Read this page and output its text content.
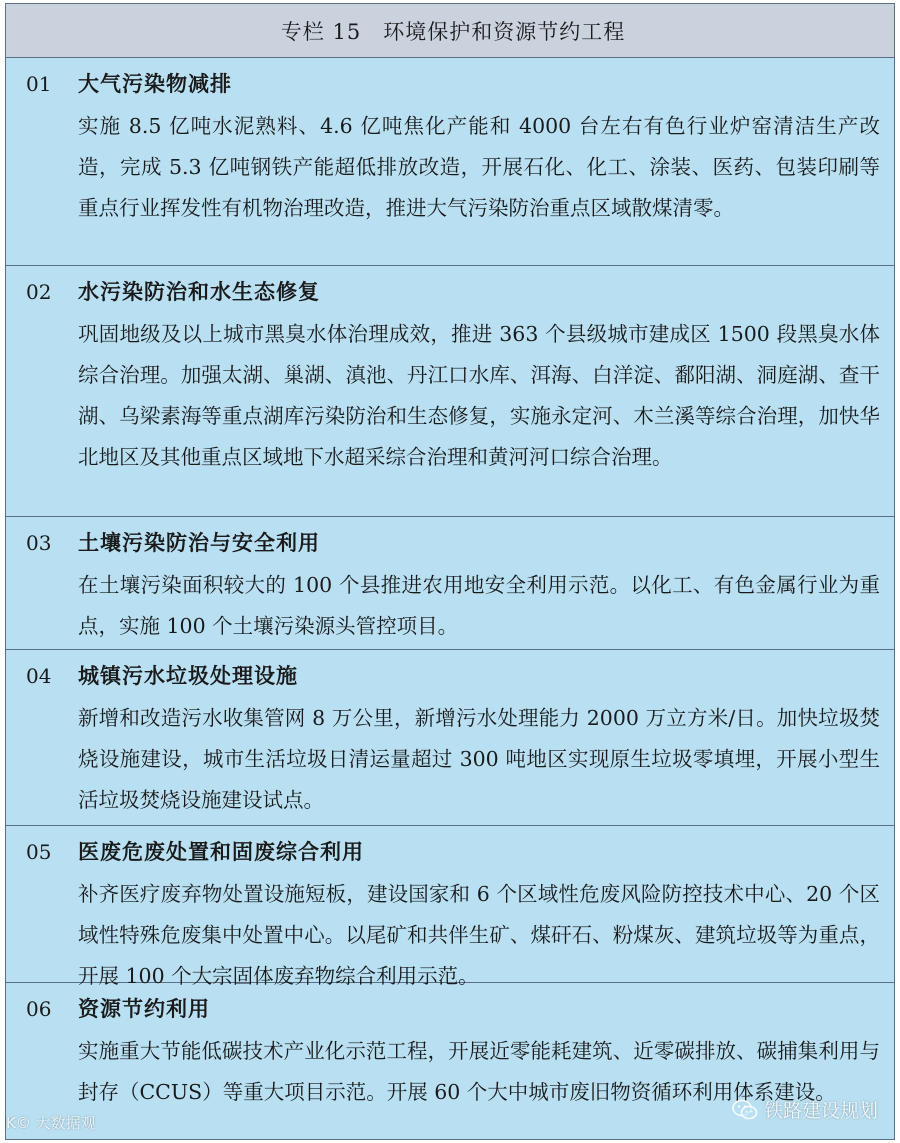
专栏 15 环境保护和资源节约工程
01	大气污染物减排
实施 8.5 亿吨水泥熟料、4.6 亿吨焦化产能和 4000 台左右有色行业炉窑清洁生产改造，完成 5.3 亿吨钢铁产能超低排放改造，开展石化、化工、涂装、医药、包装印刷等重点行业挥发性有机物治理改造，推进大气污染防治重点区域散煤清零。
02	水污染防治和水生态修复
巩固地级及以上城市黑臭水体治理成效，推进 363 个县级城市建成区 1500 段黑臭水体综合治理。加强太湖、巢湖、滇池、丹江口水库、洱海、白洋淀、鄱阳湖、洞庭湖、查干湖、乌梁素海等重点湖库污染防治和生态修复，实施永定河、木兰溪等综合治理，加快华北地区及其他重点区域地下水超采综合治理和黄河河口综合治理。
03	土壤污染防治与安全利用
在土壤污染面积较大的 100 个县推进农用地安全利用示范。以化工、有色金属行业为重点，实施 100 个土壤污染源头管控项目。
04	城镇污水垃圾处理设施
新增和改造污水收集管网 8 万公里，新增污水处理能力 2000 万立方米/日。加快垃圾焚烧设施建设，城市生活垃圾日清运量超过 300 吨地区实现原生垃圾零填埋，开展小型生活垃圾焚烧设施建设试点。
05	医废危废处置和固废综合利用
补齐医疗废弃物处置设施短板，建设国家和 6 个区域性危废风险防控技术中心、20 个区域性特殊危废集中处置中心。以尾矿和共伴生矿、煤矸石、粉煤灰、建筑垃圾等为重点，开展 100 个大宗固体废弃物综合利用示范。
06	资源节约利用
实施重大节能低碳技术产业化示范工程，开展近零能耗建筑、近零碳排放、碳捕集利用与封存（CCUS）等重大项目示范。开展 60 个大中城市废旧物资循环利用体系建设。
K© 大数据观
铁路建设规划
